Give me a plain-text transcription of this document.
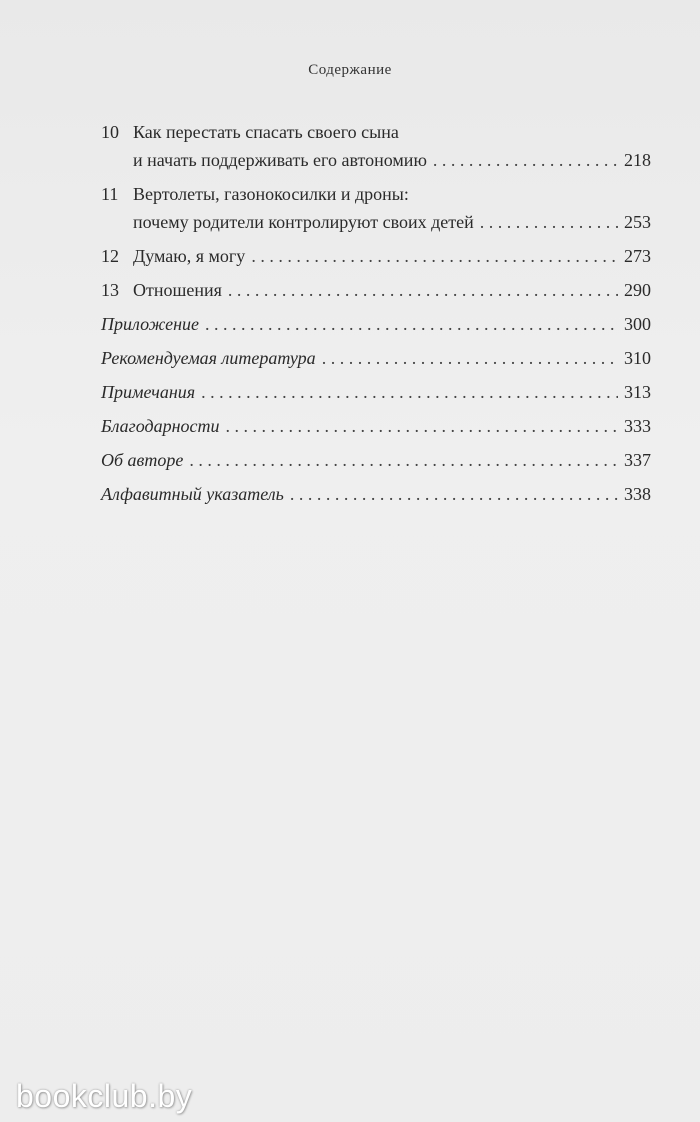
Содержание
10 Как перестать спасать своего сына
и начать поддерживать его автономию . . .	218
11 Вертолеты, газонокосилки и дроны:
почему родители контролируют своих детей . . .	253
12 Думаю, я могу . . .	273
13 Отношения . . .	290
Приложение . . .	300
Рекомендуемая литература . . .	310
Примечания . . .	313
Благодарности . . .	333
Об авторе . . .	337
Алфавитный указатель . . .	338
bookclub.by
